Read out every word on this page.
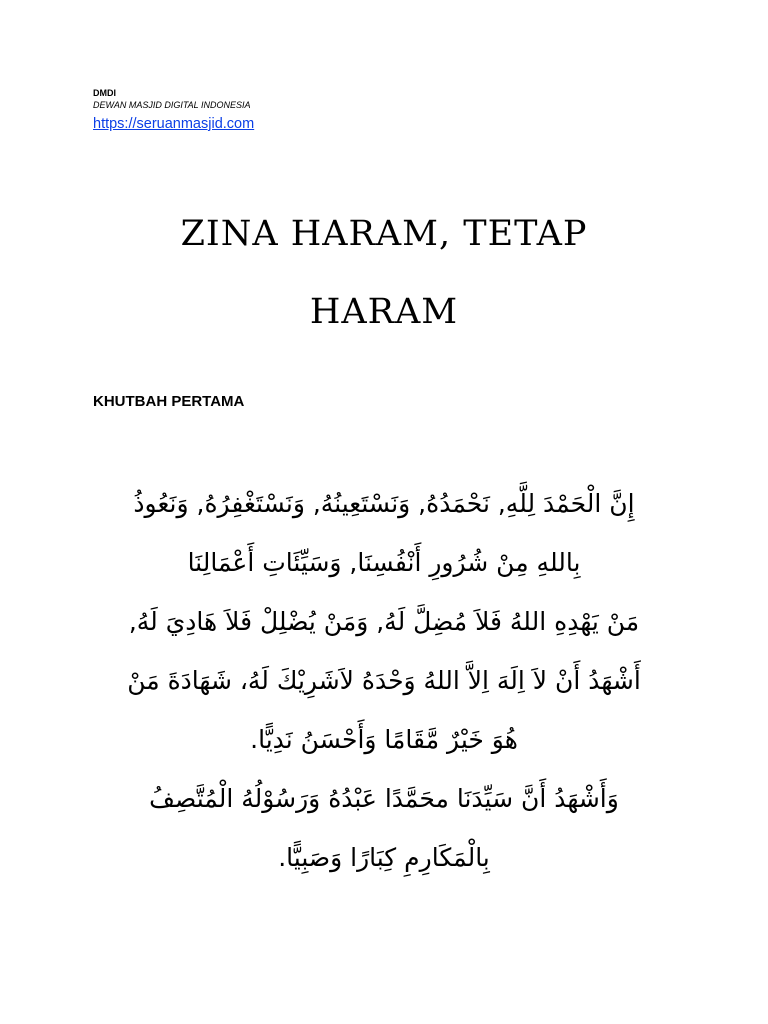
DMDI
DEWAN MASJID DIGITAL INDONESIA
https://seruanmasjid.com
ZINA HARAM, TETAP
HARAM
KHUTBAH PERTAMA
إِنَّ الْحَمْدَ لِلَّهِ, نَحْمَدُهُ, وَنَسْتَعِينُهُ, وَنَسْتَغْفِرُهُ, وَنَعُوذُ
بِاللهِ مِنْ شُرُورِ أَنْفُسِنَا, وَسَيِّئَاتِ أَعْمَالِنَا
مَنْ يَهْدِهِ اللهُ فَلاَ مُضِلَّ لَهُ, وَمَنْ يُضْلِلْ فَلاَ هَادِيَ لَهُ,
أَشْهَدُ أَنْ لاَ اِلَهَ اِلاَّ اللهُ وَحْدَهُ لاَشَرِيْكَ لَهُ، شَهَادَةَ مَنْ
هُوَ خَيْرٌ مَّقَامًا وَأَحْسَنُ نَدِيًّا.
وَأَشْهَدُ أَنَّ سَيِّدَنَا محَمَّدًا عَبْدُهُ وَرَسُوْلُهُ الْمُتَّصِفُ
بِالْمَكَارِمِ كِبَارًا وَصَبِيًّا.
